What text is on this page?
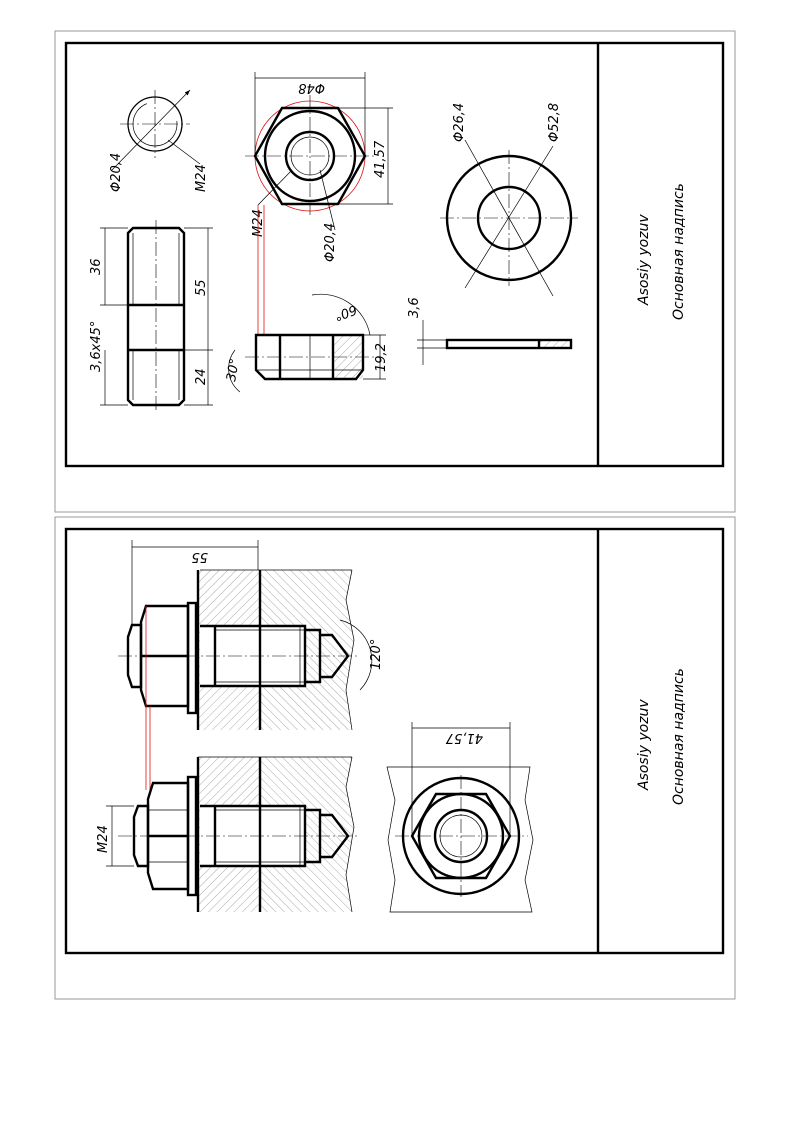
Asosiy yozuv Основная надпись
Φ20,4	M24
36
3,6x45°
55
24
Φ48
41,57
M24	Φ20,4
19,2
60°
30°
Φ26,4	Φ52,8
3,6
Asosiy yozuv Основная надпись
55
120°
M24
41,57
